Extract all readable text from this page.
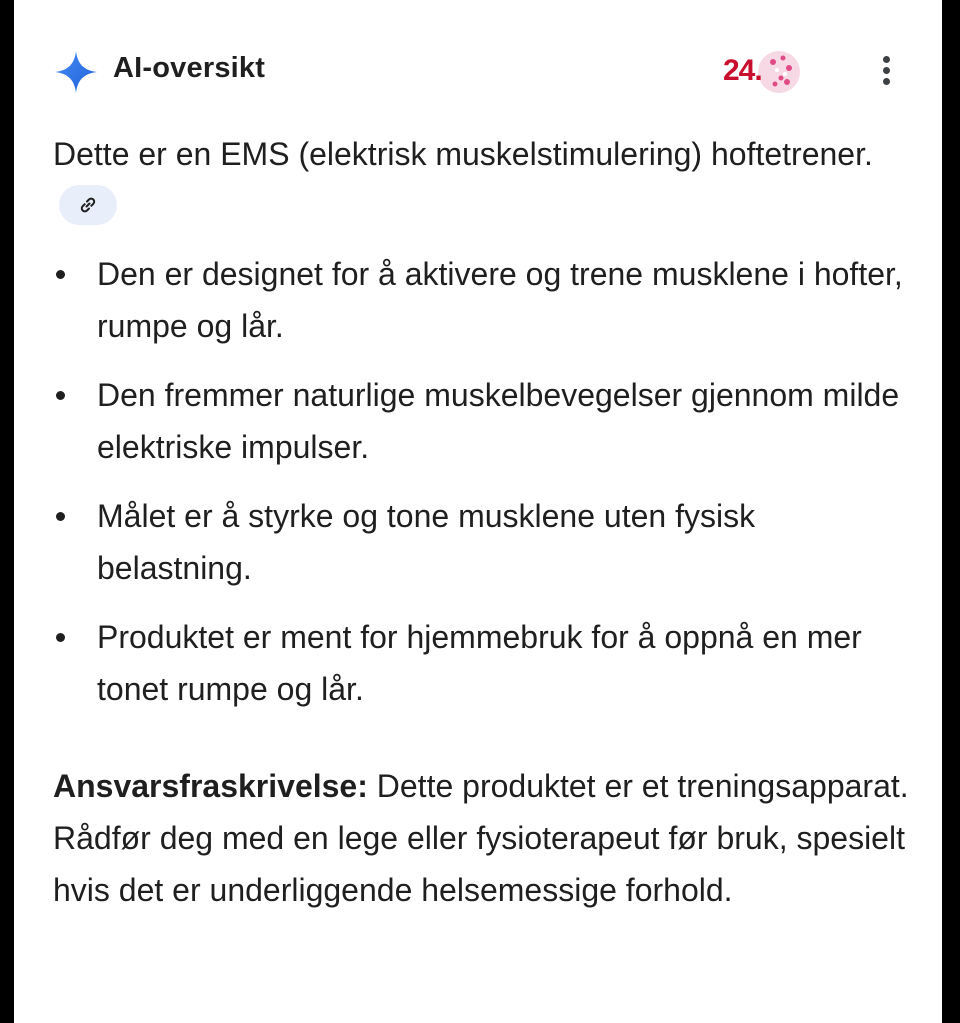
AI-oversikt	24.
Dette er en EMS (elektrisk muskelstimulering) hoftetrener.
Den er designet for å aktivere og trene musklene i hofter, rumpe og lår.
Den fremmer naturlige muskelbevegelser gjennom milde elektriske impulser.
Målet er å styrke og tone musklene uten fysisk belastning.
Produktet er ment for hjemmebruk for å oppnå en mer tonet rumpe og lår.
Ansvarsfraskrivelse: Dette produktet er et treningsapparat. Rådfør deg med en lege eller fysioterapeut før bruk, spesielt hvis det er underliggende helsemessige forhold.
